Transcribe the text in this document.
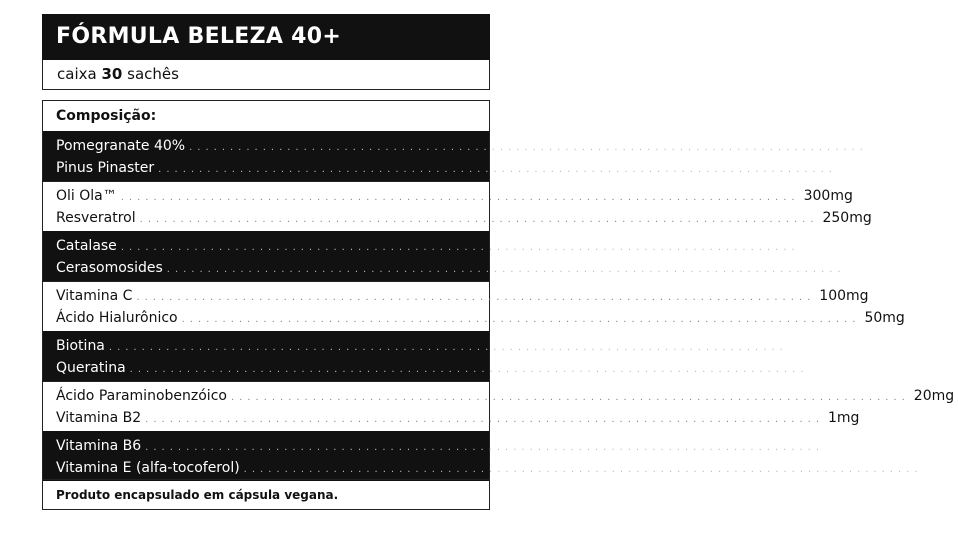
FÓRMULA BELEZA 40+
caixa 30 sachês
Composição:
Pomegranate 40% ................................................................................... 250mg
Pinus Pinaster ................................................................................... 50mg
Oli Ola™ ................................................................................... 300mg
Resveratrol ................................................................................... 250mg
Catalase ................................................................................... 5.000UI
Cerasomosides ................................................................................... 60mg
Vitamina C ................................................................................... 100mg
Ácido Hialurônico ................................................................................... 50mg
Biotina ................................................................................... 10mg
Queratina ................................................................................... 20mg
Ácido Paraminobenzóico ................................................................................... 20mg
Vitamina B2 ................................................................................... 1mg
Vitamina B6 ................................................................................... 10mg
Vitamina E (alfa-tocoferol) ................................................................................... 3mg
Produto encapsulado em cápsula vegana.
